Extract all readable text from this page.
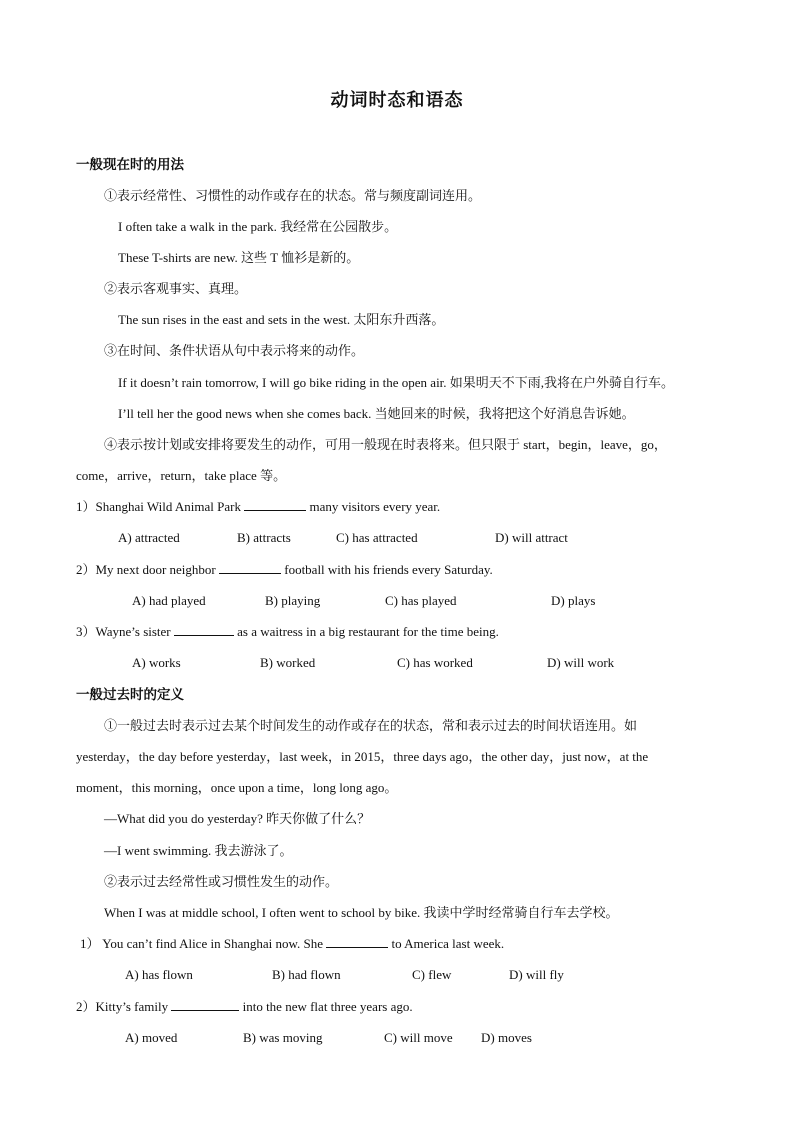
动词时态和语态
一般现在时的用法
①表示经常性、习惯性的动作或存在的状态。常与频度副词连用。
I often take a walk in the park. 我经常在公园散步。
These T-shirts are new. 这些 T 恤衫是新的。
②表示客观事实、真理。
The sun rises in the east and sets in the west. 太阳东升西落。
③在时间、条件状语从句中表示将来的动作。
If it doesn’t rain tomorrow, I will go bike riding in the open air. 如果明天不下雨,我将在户外骑自行车。
I’ll tell her the good news when she comes back. 当她回来的时候，我将把这个好消息告诉她。
④表示按计划或安排将要发生的动作，可用一般现在时表将来。但只限于 start，begin，leave，go，
come，arrive，return，take place 等。
1）Shanghai Wild Animal Park	many visitors every year.
A) attracted	B) attracts	C) has attracted	D) will attract
2）My next door neighbor	football with his friends every Saturday.
A) had played	B) playing	C) has played	D) plays
3）Wayne’s sister	as a waitress in a big restaurant for the time being.
A) works	B) worked	C) has worked	D) will work
一般过去时的定义
①一般过去时表示过去某个时间发生的动作或存在的状态，常和表示过去的时间状语连用。如
yesterday，the day before yesterday，last week，in 2015，three days ago，the other day，just now，at the
moment，this morning，once upon a time，long long ago。
—What did you do yesterday? 昨天你做了什么？
—I went swimming. 我去游泳了。
②表示过去经常性或习惯性发生的动作。
When I was at middle school, I often went to school by bike. 我读中学时经常骑自行车去学校。
1） You can’t find Alice in Shanghai now. She	to America last week.
A) has flown	B) had flown	C) flew	D) will fly
2）Kitty’s family	into the new flat three years ago.
A) moved	B) was moving	C) will move D) moves
